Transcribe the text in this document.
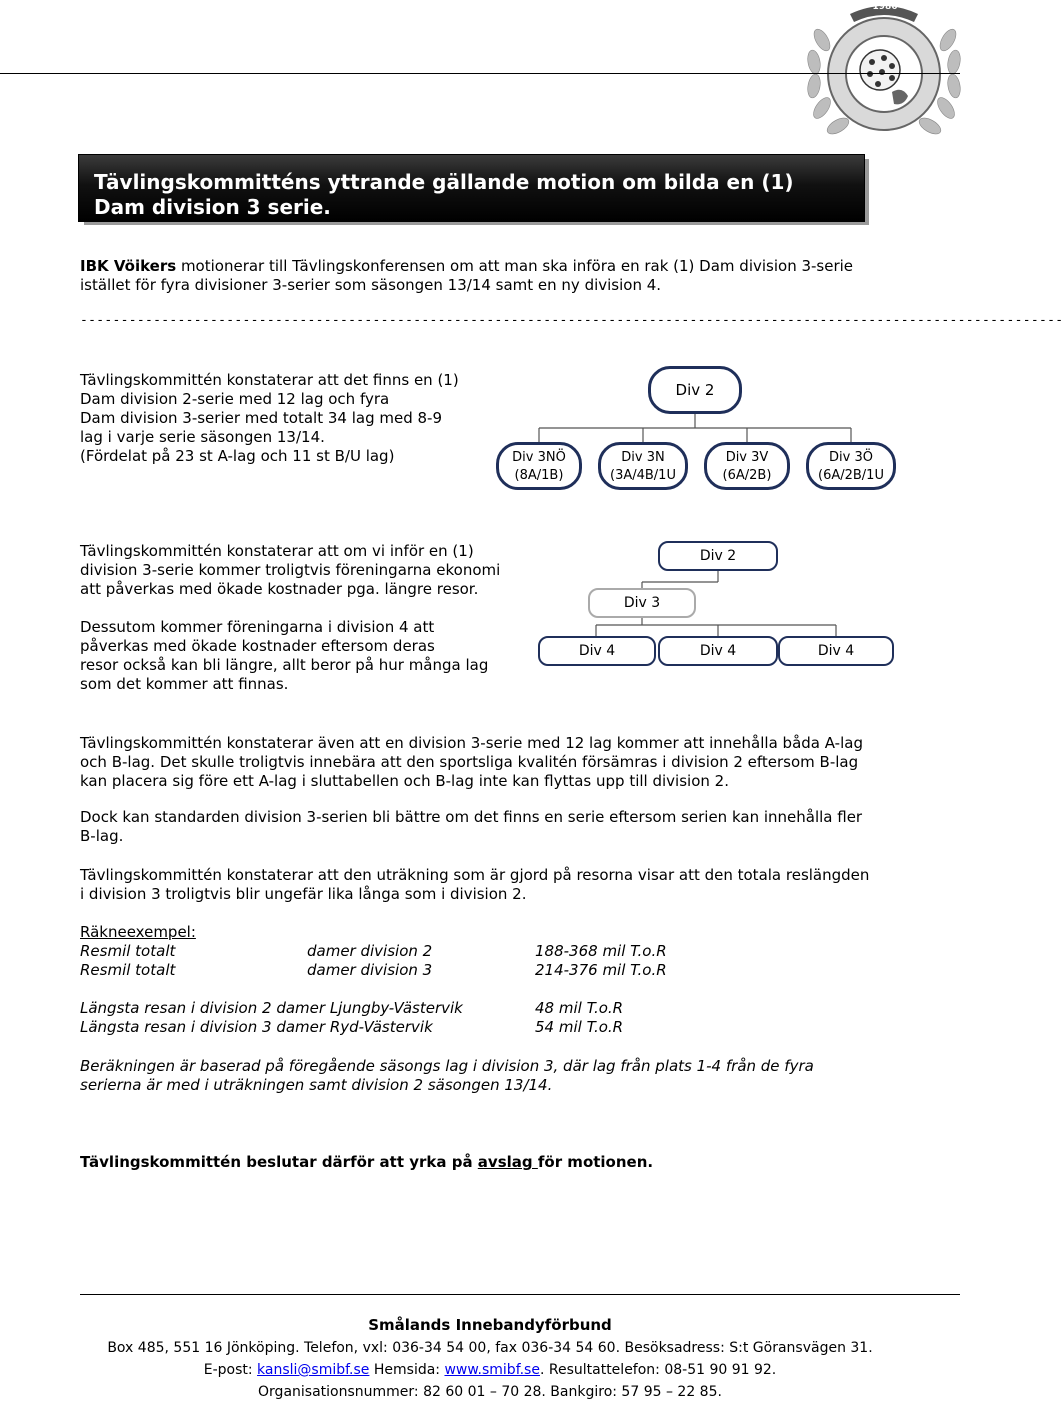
1986
Tävlingskommitténs yttrande gällande motion om bilda en (1)
Dam division 3 serie.
IBK Vöikers motionerar till Tävlingskonferensen om att man ska införa en rak (1) Dam division 3-serie
istället för fyra divisioner 3-serier som säsongen 13/14 samt en ny division 4.
-------------------------------------------------------------------------------------------------------------------------
Tävlingskommittén konstaterar att det finns en (1)
Dam division 2-serie med 12 lag och fyra
Dam division 3-serier med totalt 34 lag med 8-9
lag i varje serie säsongen 13/14.
(Fördelat på 23 st A-lag och 11 st B/U lag)
Div 2
Div 3NÖ
(8A/1B)
Div 3N
(3A/4B/1U
Div 3V
(6A/2B)
Div 3Ö
(6A/2B/1U
Tävlingskommittén konstaterar att om vi inför en (1)
division 3-serie kommer troligtvis föreningarna ekonomi
att påverkas med ökade kostnader pga. längre resor.
Dessutom kommer föreningarna i division 4 att
påverkas med ökade kostnader eftersom deras
resor också kan bli längre, allt beror på hur många lag
som det kommer att finnas.
Div 2
Div 3
Div 4	Div 4	Div 4
Tävlingskommittén konstaterar även att en division 3-serie med 12 lag kommer att innehålla båda A-lag
och B-lag. Det skulle troligtvis innebära att den sportsliga kvalitén försämras i division 2 eftersom B-lag
kan placera sig före ett A-lag i sluttabellen och B-lag inte kan flyttas upp till division 2.
Dock kan standarden division 3-serien bli bättre om det finns en serie eftersom serien kan innehålla fler
B-lag.
Tävlingskommittén konstaterar att den uträkning som är gjord på resorna visar att den totala reslängden
i division 3 troligtvis blir ungefär lika långa som i division 2.
Räkneexempel:
Resmil totalt	damer division 2	188-368 mil T.o.R
Resmil totalt	damer division 3	214-376 mil T.o.R
Längsta resan i division 2 damer Ljungby-Västervik	48 mil T.o.R
Längsta resan i division 3 damer Ryd-Västervik	54 mil T.o.R
Beräkningen är baserad på föregående säsongs lag i division 3, där lag från plats 1-4 från de fyra
serierna är med i uträkningen samt division 2 säsongen 13/14.
Tävlingskommittén beslutar därför att yrka på avslag för motionen.
Smålands Innebandyförbund
Box 485, 551 16 Jönköping. Telefon, vxl: 036-34 54 00, fax 036-34 54 60. Besöksadress: S:t Göransvägen 31.
E-post: kansli@smibf.se Hemsida: www.smibf.se. Resultattelefon: 08-51 90 91 92.
Organisationsnummer: 82 60 01 – 70 28. Bankgiro: 57 95 – 22 85.
